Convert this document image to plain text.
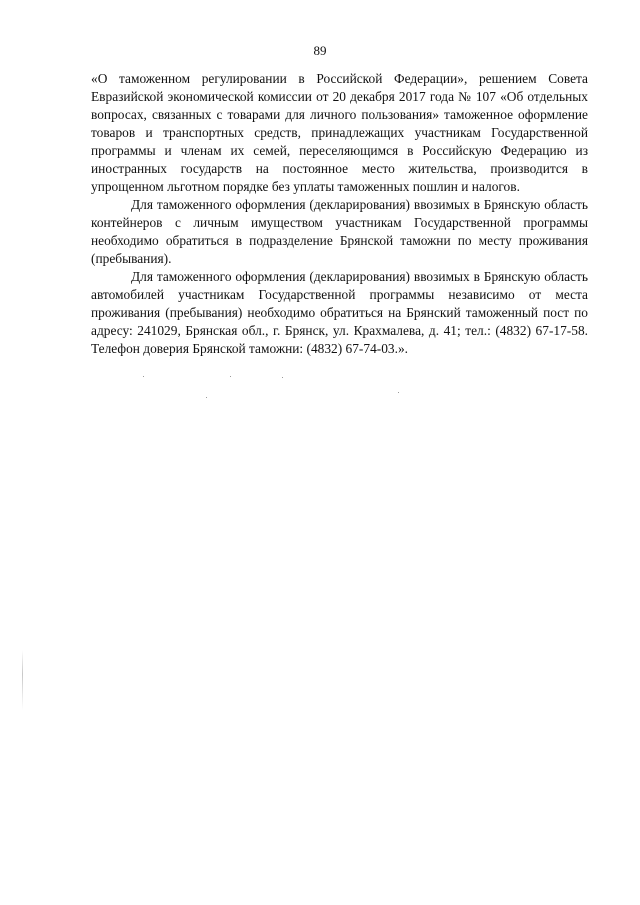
89

«О таможенном регулировании в Российской Федерации», решением Совета Евразийской экономической комиссии от 20 декабря 2017 года № 107 «Об отдельных вопросах, связанных с товарами для личного пользования» таможенное оформление товаров и транспортных средств, принадлежащих участникам Государственной программы и членам их семей, переселяющимся в Российскую Федерацию из иностранных государств на постоянное место жительства, производится в упрощенном льготном порядке без уплаты таможенных пошлин и налогов.

Для таможенного оформления (декларирования) ввозимых в Брянскую область контейнеров с личным имуществом участникам Государственной программы необходимо обратиться в подразделение Брянской таможни по месту проживания (пребывания).

Для таможенного оформления (декларирования) ввозимых в Брянскую область автомобилей участникам Государственной программы независимо от места проживания (пребывания) необходимо обратиться на Брянский таможенный пост по адресу: 241029, Брянская обл., г. Брянск, ул. Крахмалева, д. 41; тел.: (4832) 67-17-58. Телефон доверия Брянской таможни: (4832) 67-74-03.».
